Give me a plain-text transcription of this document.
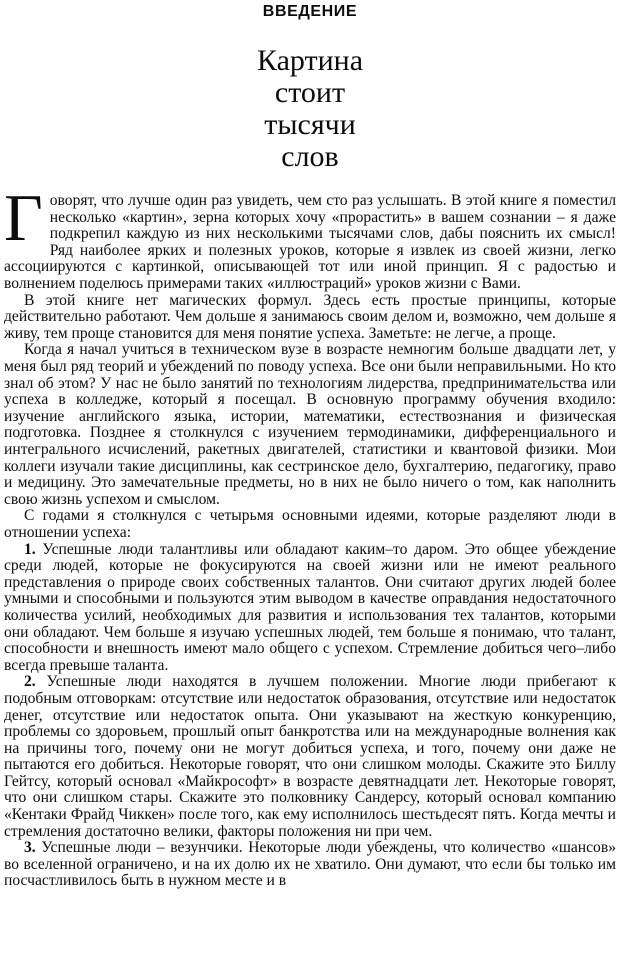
ВВЕДЕНИЕ
Картина
стоит
тысячи
слов

Говорят, что лучше один раз увидеть, чем сто раз услышать. В этой книге я поместил несколько «картин», зерна которых хочу «прорастить» в вашем сознании – я даже подкрепил каждую из них несколькими тысячами слов, дабы пояснить их смысл! Ряд наиболее ярких и полезных уроков, которые я извлек из своей жизни, легко ассоциируются с картинкой, описывающей тот или иной принцип. Я с радостью и волнением поделюсь примерами таких «иллюстраций» уроков жизни с Вами.

В этой книге нет магических формул. Здесь есть простые принципы, которые действительно работают. Чем дольше я занимаюсь своим делом и, возможно, чем дольше я живу, тем проще становится для меня понятие успеха. Заметьте: не легче, а проще.

Когда я начал учиться в техническом вузе в возрасте немногим больше двадцати лет, у меня был ряд теорий и убеждений по поводу успеха. Все они были неправильными. Но кто знал об этом? У нас не было занятий по технологиям лидерства, предпринимательства или успеха в колледже, который я посещал. В основную программу обучения входило: изучение английского языка, истории, математики, естествознания и физическая подготовка. Позднее я столкнулся с изучением термодинамики, дифференциального и интегрального исчислений, ракетных двигателей, статистики и квантовой физики. Мои коллеги изучали такие дисциплины, как сестринское дело, бухгалтерию, педагогику, право и медицину. Это замечательные предметы, но в них не было ничего о том, как наполнить свою жизнь успехом и смыслом.

С годами я столкнулся с четырьмя основными идеями, которые разделяют люди в отношении успеха:

1. Успешные люди талантливы или обладают каким–то даром. Это общее убеждение среди людей, которые не фокусируются на своей жизни или не имеют реального представления о природе своих собственных талантов. Они считают других людей более умными и способными и пользуются этим выводом в качестве оправдания недостаточного количества усилий, необходимых для развития и использования тех талантов, которыми они обладают. Чем больше я изучаю успешных людей, тем больше я понимаю, что талант, способности и внешность имеют мало общего с успехом. Стремление добиться чего–либо всегда превыше таланта.

2. Успешные люди находятся в лучшем положении. Многие люди прибегают к подобным отговоркам: отсутствие или недостаток образования, отсутствие или недостаток денег, отсутствие или недостаток опыта. Они указывают на жесткую конкуренцию, проблемы со здоровьем, прошлый опыт банкротства или на международные волнения как на причины того, почему они не могут добиться успеха, и того, почему они даже не пытаются его добиться. Некоторые говорят, что они слишком молоды. Скажите это Биллу Гейтсу, который основал «Майкрософт» в возрасте девятнадцати лет. Некоторые говорят, что они слишком стары. Скажите это полковнику Сандерсу, который основал компанию «Кентаки Фрайд Чиккен» после того, как ему исполнилось шестьдесят пять. Когда мечты и стремления достаточно велики, факторы положения ни при чем.

3. Успешные люди – везунчики. Некоторые люди убеждены, что количество «шансов» во вселенной ограничено, и на их долю их не хватило. Они думают, что если бы только им посчастливилось быть в нужном месте и в
